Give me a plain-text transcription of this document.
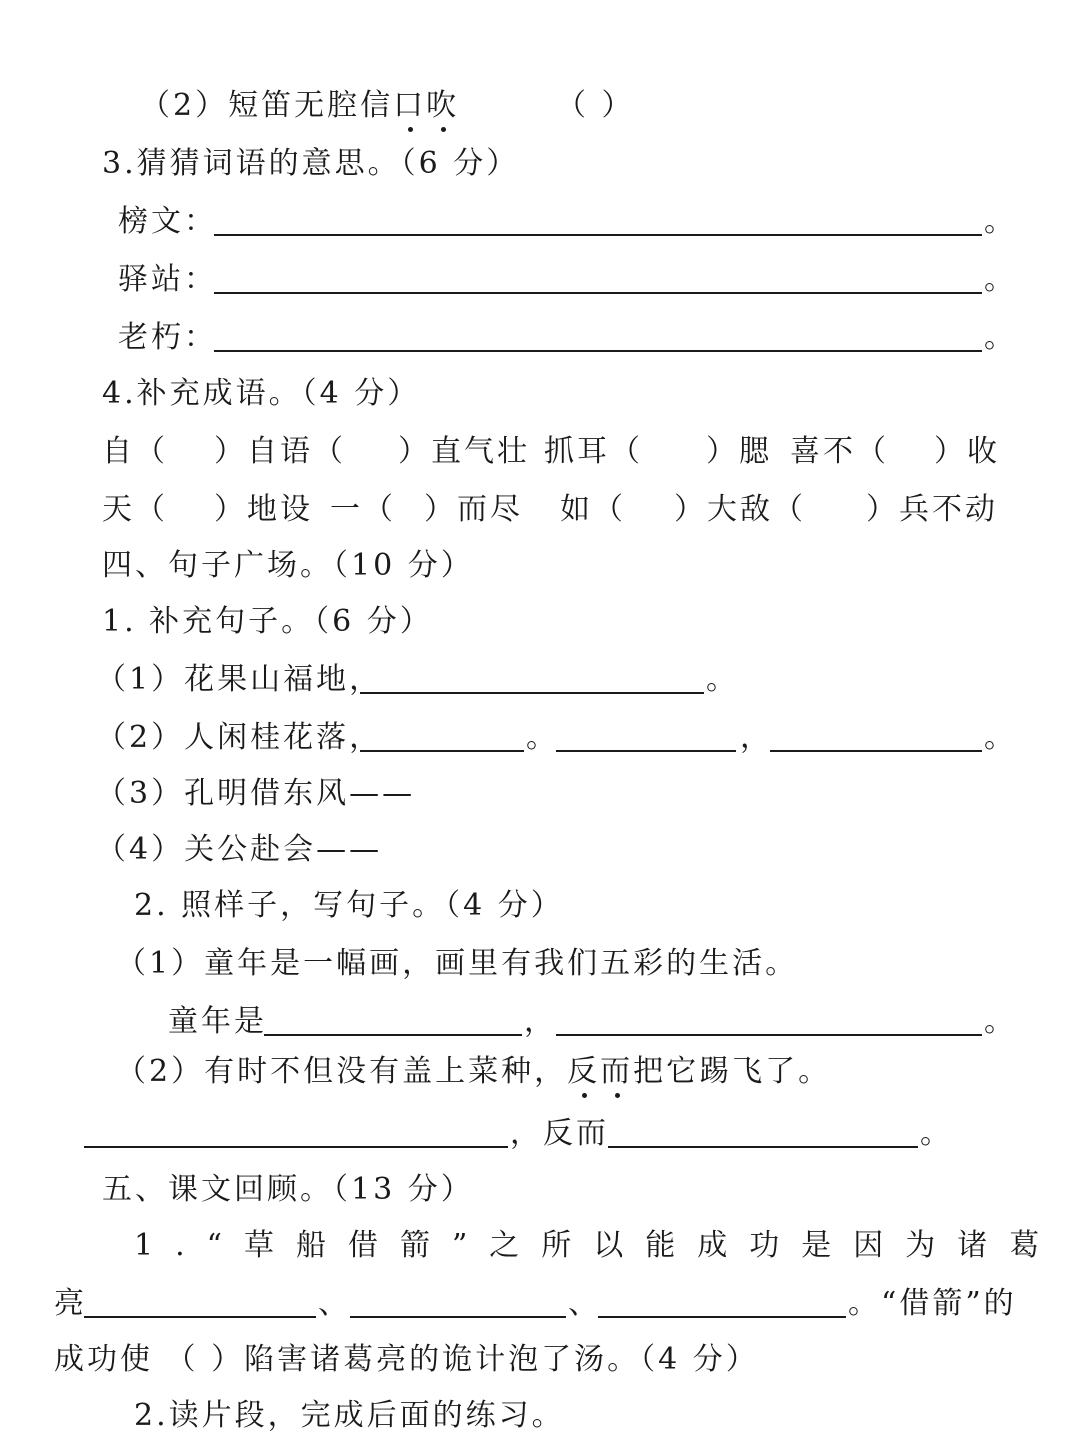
（2）短笛无腔信口吹	（ ）
3.猜猜词语的意思。（6 分）
榜文：	。
驿站：	。
老朽：	。
4.补充成语。（4 分）
自（ ）自语（ ）直气壮 抓耳（ ）腮 喜不（ ）收
天（ ）地设 一（ ）而尽 如（ ）大敌（ ）兵不动
四、句子广场。（10 分）
1. 补充句子。（6 分）
（1）花果山福地，	。
（2）人闲桂花落，	。	，	。
（3）孔明借东风——
（4）关公赴会——
2. 照样子，写句子。（4 分）
（1）童年是一幅画，画里有我们五彩的生活。
童年是	，	。
（2）有时不但没有盖上菜种，反而把它踢飞了。
，反而	。
五、课文回顾。（13 分）
1.“草船借箭”之所以能成功是因为诸葛
亮	、	、	。“借箭”的
成功使 （ ）陷害诸葛亮的诡计泡了汤。（4 分）
2.读片段，完成后面的练习。
